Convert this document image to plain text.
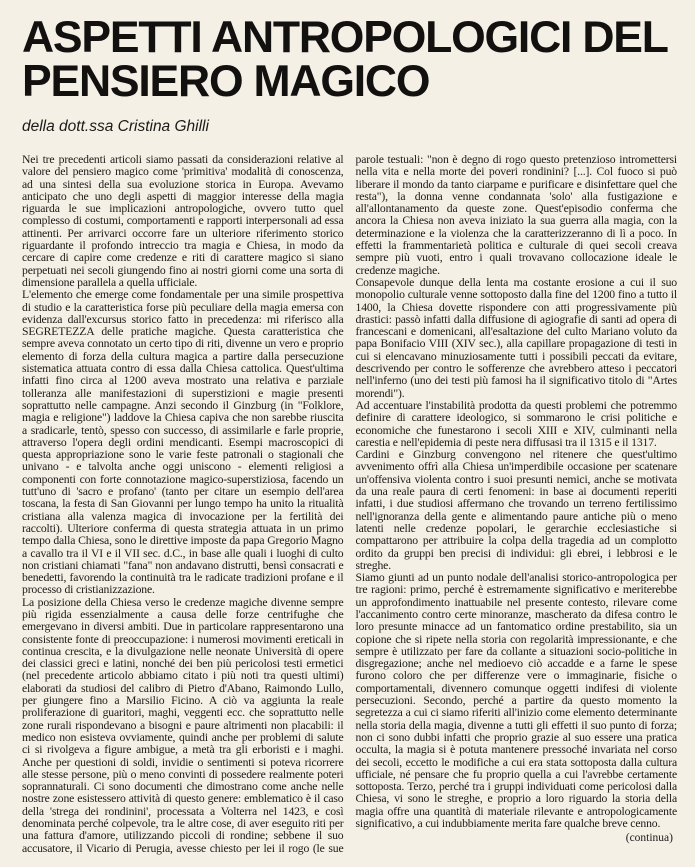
ASPETTI ANTROPOLOGICI DEL PENSIERO MAGICO

della dott.ssa Cristina Ghilli

Nei tre precedenti articoli siamo passati da considerazioni relative al valore del pensiero magico come 'primitiva' modalità di conoscenza, ad una sintesi della sua evoluzione storica in Europa. Avevamo anticipato che uno degli aspetti di maggior interesse della magia riguarda le sue implicazioni antropologiche, ovvero tutto quel complesso di costumi, comportamenti e rapporti interpersonali ad essa attinenti. Per arrivarci occorre fare un ulteriore riferimento storico riguardante il profondo intreccio tra magia e Chiesa, in modo da cercare di capire come credenze e riti di carattere magico si siano perpetuati nei secoli giungendo fino ai nostri giorni come una sorta di dimensione parallela a quella ufficiale.

L'elemento che emerge come fondamentale per una simile prospettiva di studio e la caratteristica forse più peculiare della magia emersa con evidenza dall'excursus storico fatto in precedenza: mi riferisco alla SEGRETEZZA delle pratiche magiche. Questa caratteristica che sempre aveva connotato un certo tipo di riti, divenne un vero e proprio elemento di forza della cultura magica a partire dalla persecuzione sistematica attuata contro di essa dalla Chiesa cattolica. Quest'ultima infatti fino circa al 1200 aveva mostrato una relativa e parziale tolleranza alle manifestazioni di superstizioni e magie presenti soprattutto nelle campagne. Anzi secondo il Ginzburg (in "Folklore, magia e religione") laddove la Chiesa capiva che non sarebbe riuscita a sradicarle, tentò, spesso con successo, di assimilarle e farle proprie, attraverso l'opera degli ordini mendicanti. Esempi macroscopici di questa appropriazione sono le varie feste patronali o stagionali che univano - e talvolta anche oggi uniscono - elementi religiosi a componenti con forte connotazione magico-superstiziosa, facendo un tutt'uno di 'sacro e profano' (tanto per citare un esempio dell'area toscana, la festa di San Giovanni per lungo tempo ha unito la ritualità cristiana alla valenza magica di invocazione per la fertilità dei raccolti). Ulteriore conferma di questa strategia attuata in un primo tempo dalla Chiesa, sono le direttive imposte da papa Gregorio Magno a cavallo tra il VI e il VII sec. d.C., in base alle quali i luoghi di culto non cristiani chiamati "fana" non andavano distrutti, bensì consacrati e benedetti, favorendo la continuità tra le radicate tradizioni profane e il processo di cristianizzazione.

La posizione della Chiesa verso le credenze magiche divenne sempre più rigida essenzialmente a causa delle forze centrifughe che emergevano in diversi ambiti. Due in particolare rappresentarono una consistente fonte di preoccupazione: i numerosi movimenti ereticali in continua crescita, e la divulgazione nelle neonate Università di opere dei classici greci e latini, nonché dei ben più pericolosi testi ermetici (nel precedente articolo abbiamo citato i più noti tra questi ultimi) elaborati da studiosi del calibro di Pietro d'Abano, Raimondo Lullo, per giungere fino a Marsilio Ficino. A ciò va aggiunta la reale proliferazione di guaritori, maghi, veggenti ecc. che soprattutto nelle zone rurali rispondevano a bisogni e paure altrimenti non placabili: il medico non esisteva ovviamente, quindi anche per problemi di salute ci si rivolgeva a figure ambigue, a metà tra gli erboristi e i maghi. Anche per questioni di soldi, invidie o sentimenti si poteva ricorrere alle stesse persone, più o meno convinti di possedere realmente poteri soprannaturali. Ci sono documenti che dimostrano come anche nelle nostre zone esistessero attività di questo genere: emblematico è il caso della 'strega dei rondinini', processata a Volterra nel 1423, e così denominata perché colpevole, tra le altre cose, di aver eseguito riti per una fattura d'amore, utilizzando piccoli di rondine; sebbene il suo accusatore, il Vicario di Perugia, avesse chiesto per lei il rogo (le sue parole testuali: "non è degno di rogo questo pretenzioso intromettersi nella vita e nella morte dei poveri rondinini? [...]. Col fuoco si può liberare il mondo da tanto ciarpame e purificare e disinfettare quel che resta"), la donna venne condannata 'solo' alla fustigazione e all'allontanamento da queste zone. Quest'episodio conferma che ancora la Chiesa non aveva iniziato la sua guerra alla magia, con la determinazione e la violenza che la caratterizzeranno di lì a poco. In effetti la frammentarietà politica e culturale di quei secoli creava sempre più vuoti, entro i quali trovavano collocazione ideale le credenze magiche.

Consapevole dunque della lenta ma costante erosione a cui il suo monopolio culturale venne sottoposto dalla fine del 1200 fino a tutto il 1400, la Chiesa dovette rispondere con atti progressivamente più drastici: passò infatti dalla diffusione di agiografie di santi ad opera di francescani e domenicani, all'esaltazione del culto Mariano voluto da papa Bonifacio VIII (XIV sec.), alla capillare propagazione di testi in cui si elencavano minuziosamente tutti i possibili peccati da evitare, descrivendo per contro le sofferenze che avrebbero atteso i peccatori nell'inferno (uno dei testi più famosi ha il significativo titolo di "Artes morendi").

Ad accentuare l'instabilità prodotta da questi problemi che potremmo definire di carattere ideologico, si sommarono le crisi politiche e economiche che funestarono i secoli XIII e XIV, culminanti nella carestia e nell'epidemia di peste nera diffusasi tra il 1315 e il 1317.

Cardini e Ginzburg convengono nel ritenere che quest'ultimo avvenimento offrì alla Chiesa un'imperdibile occasione per scatenare un'offensiva violenta contro i suoi presunti nemici, anche se motivata da una reale paura di certi fenomeni: in base ai documenti reperiti infatti, i due studiosi affermano che trovando un terreno fertilissimo nell'ignoranza della gente e alimentando paure antiche più o meno latenti nelle credenze popolari, le gerarchie ecclesiastiche si compattarono per attribuire la colpa della tragedia ad un complotto ordito da gruppi ben precisi di individui: gli ebrei, i lebbrosi e le streghe.

Siamo giunti ad un punto nodale dell'analisi storico-antropologica per tre ragioni: primo, perché è estremamente significativo e meriterebbe un approfondimento inattuabile nel presente contesto, rilevare come l'accanimento contro certe minoranze, mascherato da difesa contro le loro presunte minacce ad un fantomatico ordine prestabilito, sia un copione che si ripete nella storia con regolarità impressionante, e che sempre è utilizzato per fare da collante a situazioni socio-politiche in disgregazione; anche nel medioevo ciò accadde e a farne le spese furono coloro che per differenze vere o immaginarie, fisiche o comportamentali, divennero comunque oggetti indifesi di violente persecuzioni. Secondo, perché a partire da questo momento la segretezza a cui ci siamo riferiti all'inizio come elemento determinante nella storia della magia, divenne a tutti gli effetti il suo punto di forza; non ci sono dubbi infatti che proprio grazie al suo essere una pratica occulta, la magia si è potuta mantenere pressoché invariata nel corso dei secoli, eccetto le modifiche a cui era stata sottoposta dalla cultura ufficiale, né pensare che fu proprio quella a cui l'avrebbe certamente sottoposta. Terzo, perché tra i gruppi individuati come pericolosi dalla Chiesa, vi sono le streghe, e proprio a loro riguardo la storia della magia offre una quantità di materiale rilevante e antropologicamente significativo, a cui indubbiamente merita fare qualche breve cenno.

(continua)
